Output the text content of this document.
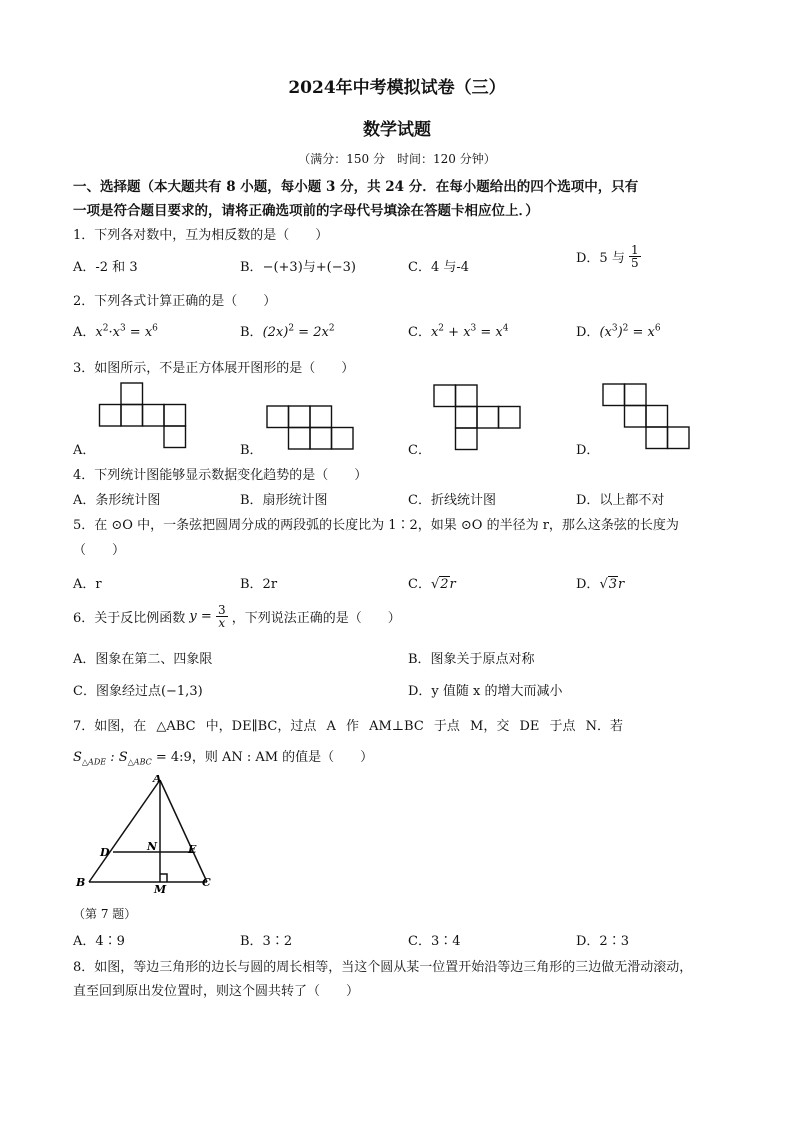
2024年中考模拟试卷（三）
数学试题
（满分：150 分　时间：120 分钟）
一、选择题（本大题共有 8 小题，每小题 3 分，共 24 分．在每小题给出的四个选项中，只有
一项是符合题目要求的，请将正确选项前的字母代号填涂在答题卡相应位上．）
1．下列各对数中，互为相反数的是（　　）
A．-2 和 3	B．−(+3)与+(−3)	C．4 与-4
D．5 与 $\frac{1}{5}$
2．下列各式计算正确的是（　　）
A．$x^2\cdot x^3 = x^6$	B．$(2x)^2 = 2x^2$	C．$x^2 + x^3 = x^4$	D．$(x^3)^2 = x^6$
3．如图所示，不是正方体展开图形的是（　　）
A．	B．	C．	D．
4．下列统计图能够显示数据变化趋势的是（　　）
A．条形统计图	B．扇形统计图	C．折线统计图	D．以上都不对
5．在 ⊙O 中，一条弦把圆周分成的两段弧的长度比为 1∶2，如果 ⊙O 的半径为 r，那么这条弦的长度为
（　　）
A．r	B．2r	C．√2r	D．√3r
6．关于反比例函数 $y = \frac{3}{x}$ ，下列说法正确的是（　　）
A．图象在第二、四象限	B．图象关于原点对称
C．图象经过点(−1,3)	D．y 值随 x 的增大而减小
7．如图，在 △ABC 中，DE∥BC，过点 A 作 AM⊥BC 于点 M，交 DE 于点 N．若
$S_{\triangle ADE}$ : $S_{\triangle ABC}$ = 4:9，则 AN : AM 的值是（　　）
A
B	C
D	E
N
M
（第 7 题）
A．4∶9	B．3∶2	C．3∶4	D．2∶3
8．如图，等边三角形的边长与圆的周长相等，当这个圆从某一位置开始沿等边三角形的三边做无滑动滚动，
直至回到原出发位置时，则这个圆共转了（　　）
